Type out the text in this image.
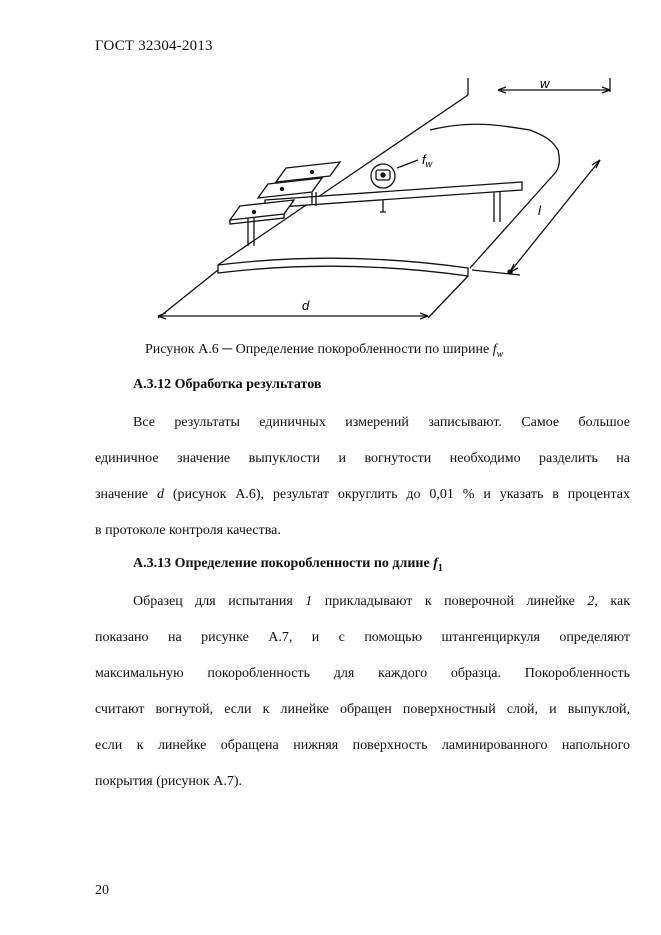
ГОСТ 32304-2013
w
$f_w$
l
d
Рисунок А.6 ─ Определение покоробленности по ширине $f_w$
А.3.12 Обработка результатов
Все результаты единичных измерений записывают. Самое большое
единичное значение выпуклости и вогнутости необходимо разделить на
значение d (рисунок А.6), результат округлить до 0,01 % и указать в процентах
в протоколе контроля качества.
А.3.13 Определение покоробленности по длине $f_1$
Образец для испытания 1 прикладывают к поверочной линейке 2, как
показано на рисунке А.7, и с помощью штангенциркуля определяют
максимальную покоробленность для каждого образца. Покоробленность
считают вогнутой, если к линейке обращен поверхностный слой, и выпуклой,
если к линейке обращена нижняя поверхность ламинированного напольного
покрытия (рисунок А.7).
20
